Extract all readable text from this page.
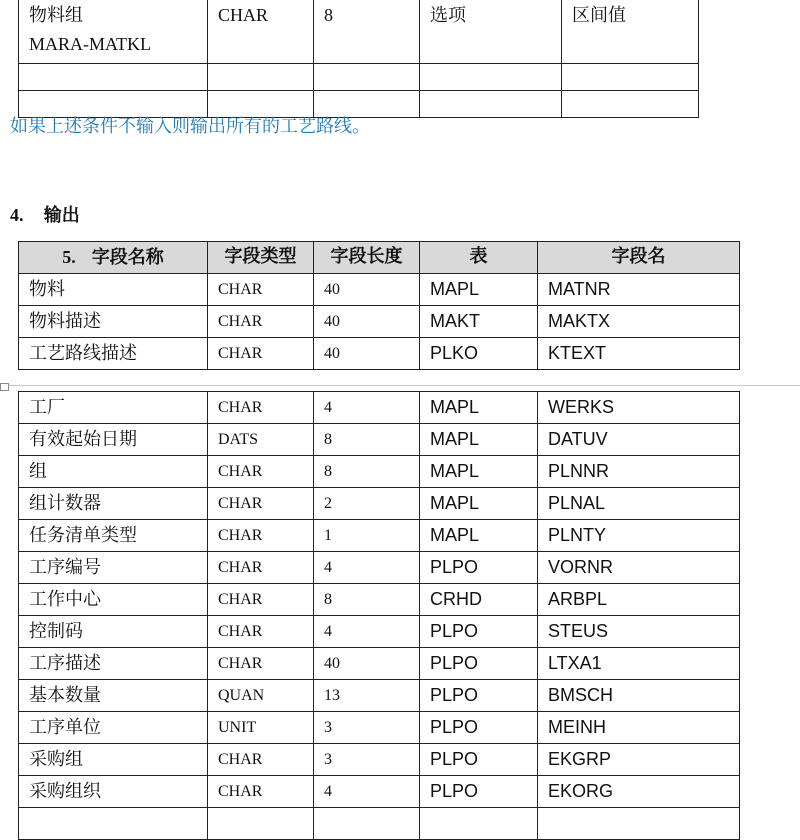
物料组
MARA-MATKL	CHAR	8	选项	区间值

如果上述条件不输入则输出所有的工艺路线。

4. 输出
5. 字段名称	字段类型	字段长度	表	字段名
物料	CHAR	40	MAPL	MATNR
物料描述	CHAR	40	MAKT	MAKTX
工艺路线描述	CHAR	40	PLKO	KTEXT
工厂	CHAR	4	MAPL	WERKS
有效起始日期	DATS	8	MAPL	DATUV
组	CHAR	8	MAPL	PLNNR
组计数器	CHAR	2	MAPL	PLNAL
任务清单类型	CHAR	1	MAPL	PLNTY
工序编号	CHAR	4	PLPO	VORNR
工作中心	CHAR	8	CRHD	ARBPL
控制码	CHAR	4	PLPO	STEUS
工序描述	CHAR	40	PLPO	LTXA1
基本数量	QUAN	13	PLPO	BMSCH
工序单位	UNIT	3	PLPO	MEINH
采购组	CHAR	3	PLPO	EKGRP
采购组织	CHAR	4	PLPO	EKORG
